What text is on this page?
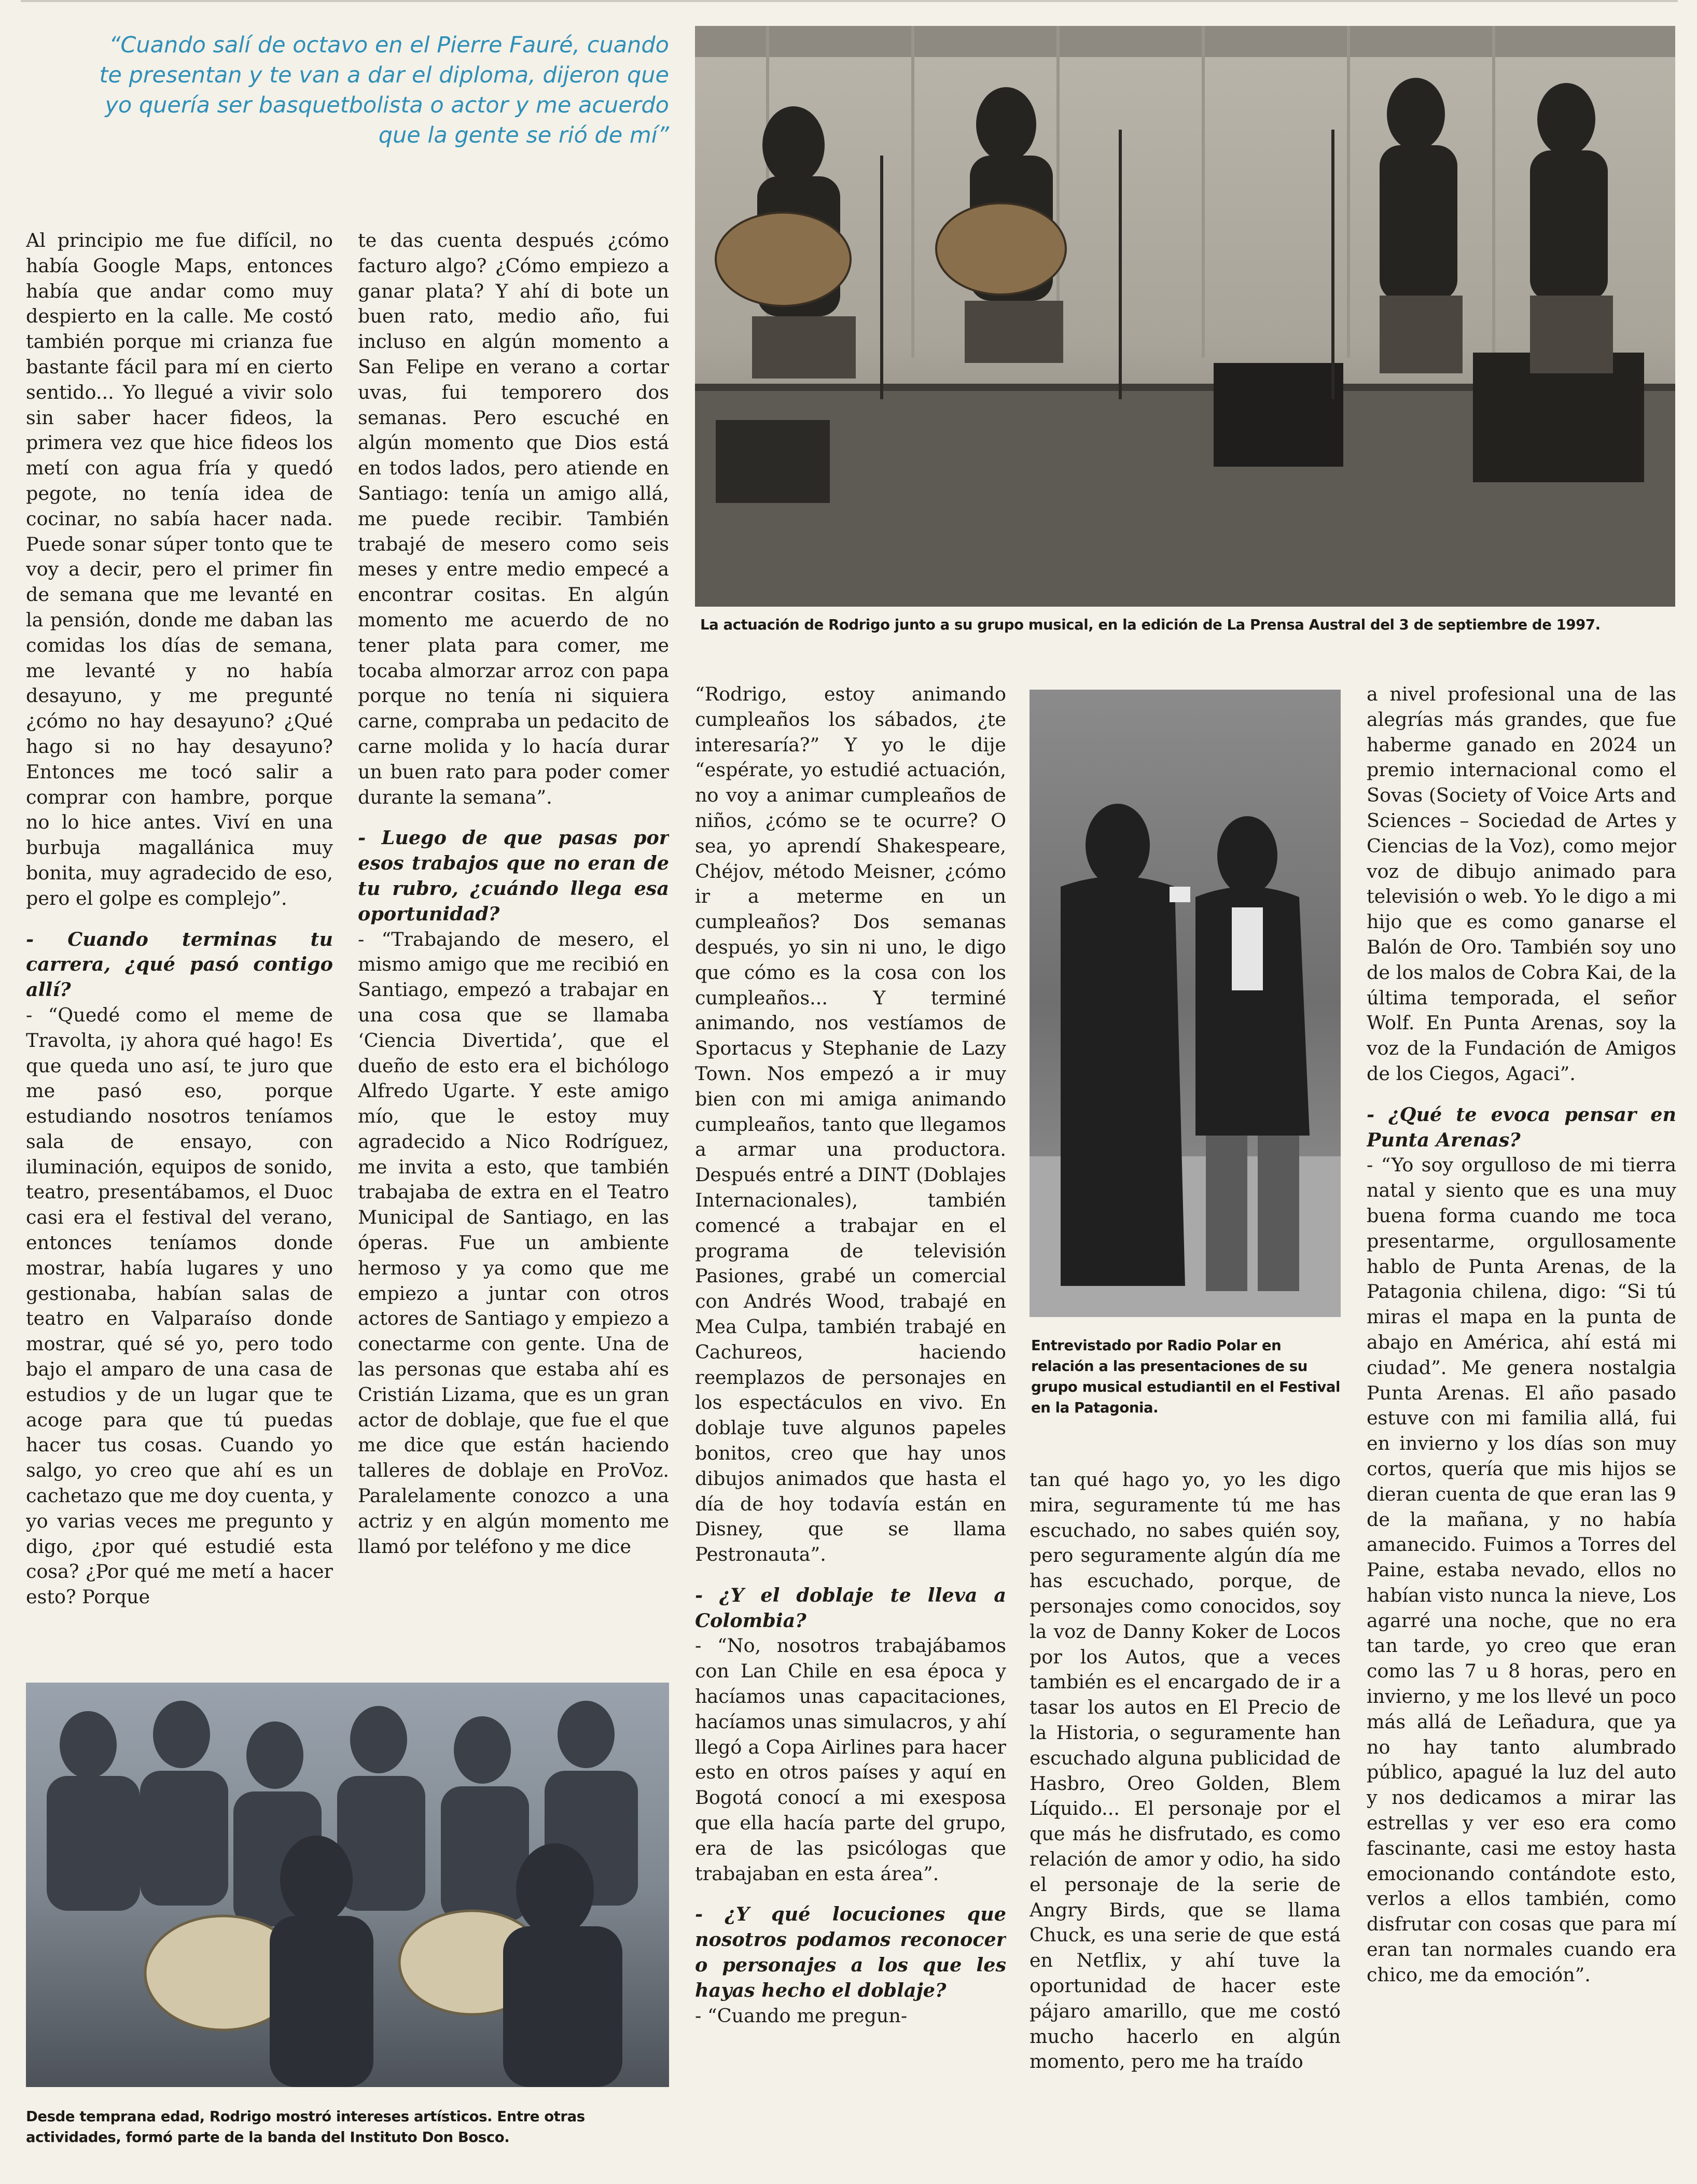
“Cuando salí de octavo en el Pierre Fauré, cuando te presentan y te van a dar el diploma, dijeron que yo quería ser basquetbolista o actor y me acuerdo que la gente se rió de mí”
La actuación de Rodrigo junto a su grupo musical, en la edición de La Prensa Austral del 3 de septiembre de 1997.

Al principio me fue difícil, no había Google Maps, entonces había que andar como muy despierto en la calle. Me costó también porque mi crianza fue bastante fácil para mí en cierto sentido... Yo llegué a vivir solo sin saber hacer fideos, la primera vez que hice fideos los metí con agua fría y quedó pegote, no tenía idea de cocinar, no sabía hacer nada. Puede sonar súper tonto que te voy a decir, pero el primer fin de semana que me levanté en la pensión, donde me daban las comidas los días de semana, me levanté y no había desayuno, y me pregunté ¿cómo no hay desayuno? ¿Qué hago si no hay desayuno? Entonces me tocó salir a comprar con hambre, porque no lo hice antes. Viví en una burbuja magallánica muy bonita, muy agradecido de eso, pero el golpe es complejo”.

- Cuando terminas tu carrera, ¿qué pasó contigo allí?

- “Quedé como el meme de Travolta, ¡y ahora qué hago! Es que queda uno así, te juro que me pasó eso, porque estudiando nosotros teníamos sala de ensayo, con iluminación, equipos de sonido, teatro, presentábamos, el Duoc casi era el festival del verano, entonces teníamos donde mostrar, había lugares y uno gestionaba, habían salas de teatro en Valparaíso donde mostrar, qué sé yo, pero todo bajo el amparo de una casa de estudios y de un lugar que te acoge para que tú puedas hacer tus cosas. Cuando yo salgo, yo creo que ahí es un cachetazo que me doy cuenta, y yo varias veces me pregunto y digo, ¿por qué estudié esta cosa? ¿Por qué me metí a hacer esto? Porque

te das cuenta después ¿cómo facturo algo? ¿Cómo empiezo a ganar plata? Y ahí di bote un buen rato, medio año, fui incluso en algún momento a San Felipe en verano a cortar uvas, fui temporero dos semanas. Pero escuché en algún momento que Dios está en todos lados, pero atiende en Santiago: tenía un amigo allá, me puede recibir. También trabajé de mesero como seis meses y entre medio empecé a encontrar cositas. En algún momento me acuerdo de no tener plata para comer, me tocaba almorzar arroz con papa porque no tenía ni siquiera carne, compraba un pedacito de carne molida y lo hacía durar un buen rato para poder comer durante la semana”.

- Luego de que pasas por esos trabajos que no eran de tu rubro, ¿cuándo llega esa oportunidad?

- “Trabajando de mesero, el mismo amigo que me recibió en Santiago, empezó a trabajar en una cosa que se llamaba ‘Ciencia Divertida’, que el dueño de esto era el bichólogo Alfredo Ugarte. Y este amigo mío, que le estoy muy agradecido a Nico Rodríguez, me invita a esto, que también trabajaba de extra en el Teatro Municipal de Santiago, en las óperas. Fue un ambiente hermoso y ya como que me empiezo a juntar con otros actores de Santiago y empiezo a conectarme con gente. Una de las personas que estaba ahí es Cristián Lizama, que es un gran actor de doblaje, que fue el que me dice que están haciendo talleres de doblaje en ProVoz. Paralelamente conozco a una actriz y en algún momento me llamó por teléfono y me dice

Desde temprana edad, Rodrigo mostró intereses artísticos. Entre otras actividades, formó parte de la banda del Instituto Don Bosco.

“Rodrigo, estoy animando cumpleaños los sábados, ¿te interesaría?” Y yo le dije “espérate, yo estudié actuación, no voy a animar cumpleaños de niños, ¿cómo se te ocurre? O sea, yo aprendí Shakespeare, Chéjov, método Meisner, ¿cómo ir a meterme en un cumpleaños? Dos semanas después, yo sin ni uno, le digo que cómo es la cosa con los cumpleaños... Y terminé animando, nos vestíamos de Sportacus y Stephanie de Lazy Town. Nos empezó a ir muy bien con mi amiga animando cumpleaños, tanto que llegamos a armar una productora. Después entré a DINT (Doblajes Internacionales), también comencé a trabajar en el programa de televisión Pasiones, grabé un comercial con Andrés Wood, trabajé en Mea Culpa, también trabajé en Cachureos, haciendo reemplazos de personajes en los espectáculos en vivo. En doblaje tuve algunos papeles bonitos, creo que hay unos dibujos animados que hasta el día de hoy todavía están en Disney, que se llama Pestronauta”.

- ¿Y el doblaje te lleva a Colombia?

- “No, nosotros trabajábamos con Lan Chile en esa época y hacíamos unas capacitaciones, hacíamos unas simulacros, y ahí llegó a Copa Airlines para hacer esto en otros países y aquí en Bogotá conocí a mi exesposa que ella hacía parte del grupo, era de las psicólogas que trabajaban en esta área”.

- ¿Y qué locuciones que nosotros podamos reconocer o personajes a los que les hayas hecho el doblaje?

- “Cuando me pregun-

Entrevistado por Radio Polar en relación a las presentaciones de su grupo musical estudiantil en el Festival en la Patagonia.

tan qué hago yo, yo les digo mira, seguramente tú me has escuchado, no sabes quién soy, pero seguramente algún día me has escuchado, porque, de personajes como conocidos, soy la voz de Danny Koker de Locos por los Autos, que a veces también es el encargado de ir a tasar los autos en El Precio de la Historia, o seguramente han escuchado alguna publicidad de Hasbro, Oreo Golden, Blem Líquido... El personaje por el que más he disfrutado, es como relación de amor y odio, ha sido el personaje de la serie de Angry Birds, que se llama Chuck, es una serie de que está en Netflix, y ahí tuve la oportunidad de hacer este pájaro amarillo, que me costó mucho hacerlo en algún momento, pero me ha traído

a nivel profesional una de las alegrías más grandes, que fue haberme ganado en 2024 un premio internacional como el Sovas (Society of Voice Arts and Sciences – Sociedad de Artes y Ciencias de la Voz), como mejor voz de dibujo animado para televisión o web. Yo le digo a mi hijo que es como ganarse el Balón de Oro. También soy uno de los malos de Cobra Kai, de la última temporada, el señor Wolf. En Punta Arenas, soy la voz de la Fundación de Amigos de los Ciegos, Agaci”.

- ¿Qué te evoca pensar en Punta Arenas?

- “Yo soy orgulloso de mi tierra natal y siento que es una muy buena forma cuando me toca presentarme, orgullosamente hablo de Punta Arenas, de la Patagonia chilena, digo: “Si tú miras el mapa en la punta de abajo en América, ahí está mi ciudad”. Me genera nostalgia Punta Arenas. El año pasado estuve con mi familia allá, fui en invierno y los días son muy cortos, quería que mis hijos se dieran cuenta de que eran las 9 de la mañana, y no había amanecido. Fuimos a Torres del Paine, estaba nevado, ellos no habían visto nunca la nieve, Los agarré una noche, que no era tan tarde, yo creo que eran como las 7 u 8 horas, pero en invierno, y me los llevé un poco más allá de Leñadura, que ya no hay tanto alumbrado público, apagué la luz del auto y nos dedicamos a mirar las estrellas y ver eso era como fascinante, casi me estoy hasta emocionando contándote esto, verlos a ellos también, como disfrutar con cosas que para mí eran tan normales cuando era chico, me da emoción”.
